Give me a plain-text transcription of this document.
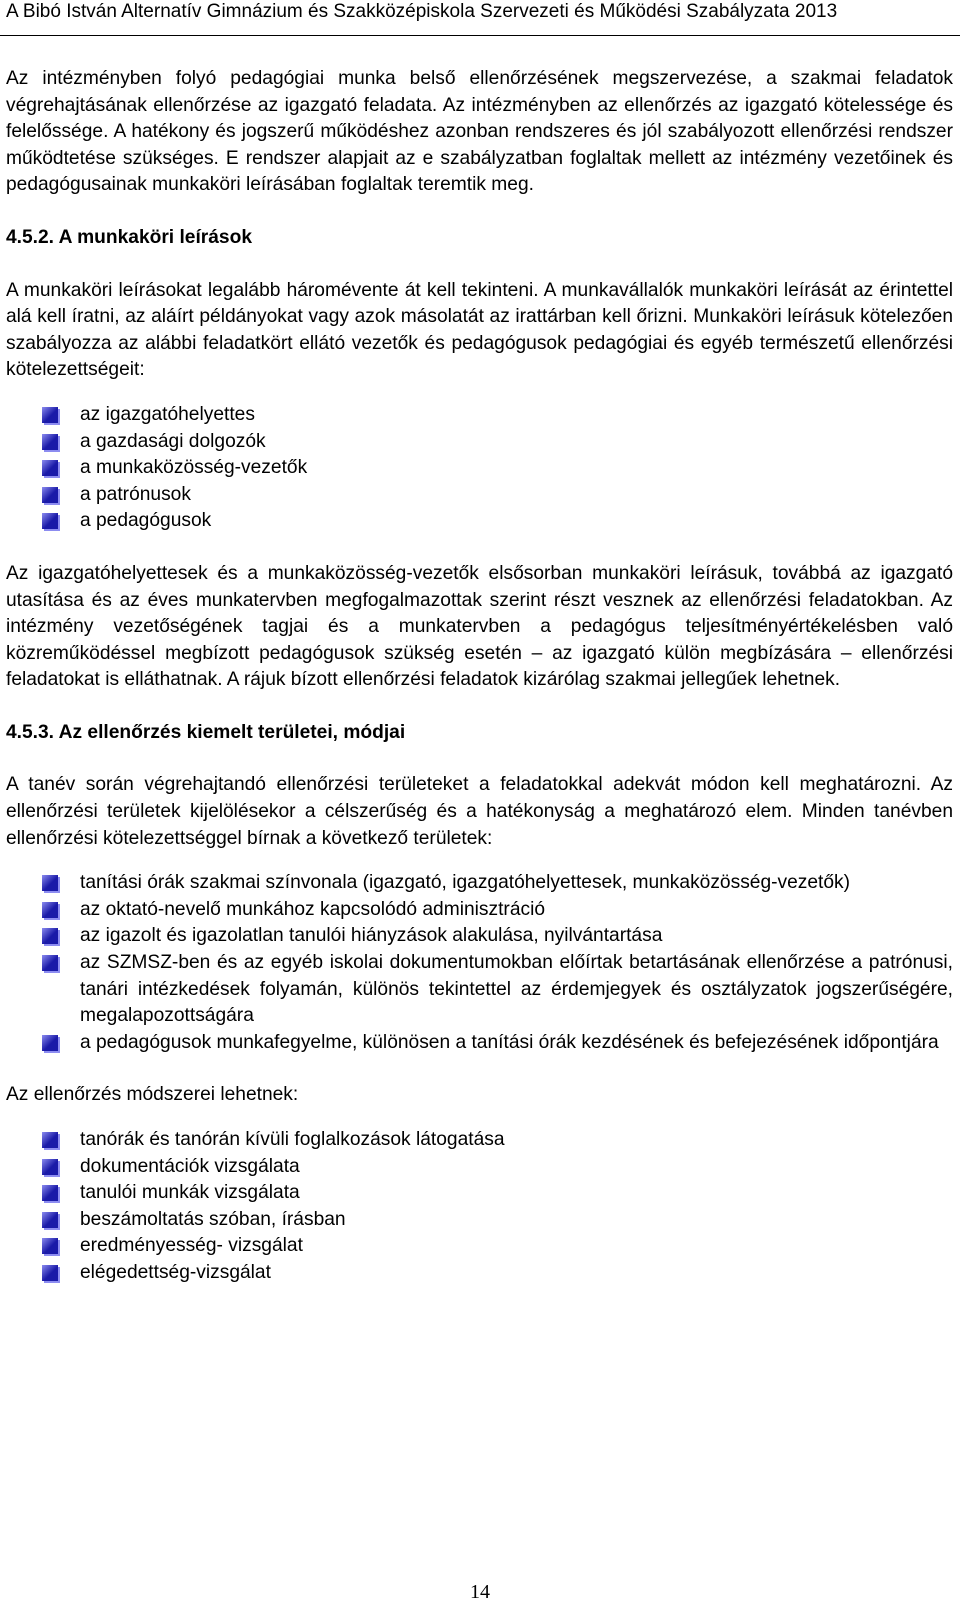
A Bibó István Alternatív Gimnázium és Szakközépiskola Szervezeti és Működési Szabályzata 2013

Az intézményben folyó pedagógiai munka belső ellenőrzésének megszervezése, a szakmai feladatok végrehajtásának ellenőrzése az igazgató feladata. Az intézményben az ellenőrzés az igazgató kötelessége és felelőssége. A hatékony és jogszerű működéshez azonban rendszeres és jól szabályozott ellenőrzési rendszer működtetése szükséges. E rendszer alapjait az e szabályzatban foglaltak mellett az intézmény vezetőinek és pedagógusainak munkaköri leírásában foglaltak teremtik meg.

4.5.2. A munkaköri leírások

A munkaköri leírásokat legalább háromévente át kell tekinteni. A munkavállalók munkaköri leírását az érintettel alá kell íratni, az aláírt példányokat vagy azok másolatát az irattárban kell őrizni. Munkaköri leírásuk kötelezően szabályozza az alábbi feladatkört ellátó vezetők és pedagógusok pedagógiai és egyéb természetű ellenőrzési kötelezettségeit:

az igazgatóhelyettes
a gazdasági dolgozók
a munkaközösség-vezetők
a patrónusok
a pedagógusok

Az igazgatóhelyettesek és a munkaközösség-vezetők elsősorban munkaköri leírásuk, továbbá az igazgató utasítása és az éves munkatervben megfogalmazottak szerint részt vesznek az ellenőrzési feladatokban. Az intézmény vezetőségének tagjai és a munkatervben a pedagógus teljesítményértékelésben való közreműködéssel megbízott pedagógusok szükség esetén – az igazgató külön megbízására – ellenőrzési feladatokat is elláthatnak. A rájuk bízott ellenőrzési feladatok kizárólag szakmai jellegűek lehetnek.

4.5.3. Az ellenőrzés kiemelt területei, módjai

A tanév során végrehajtandó ellenőrzési területeket a feladatokkal adekvát módon kell meghatározni. Az ellenőrzési területek kijelölésekor a célszerűség és a hatékonyság a meghatározó elem. Minden tanévben ellenőrzési kötelezettséggel bírnak a következő területek:

tanítási órák szakmai színvonala (igazgató, igazgatóhelyettesek, munkaközösség-vezetők)
az oktató-nevelő munkához kapcsolódó adminisztráció
az igazolt és igazolatlan tanulói hiányzások alakulása, nyilvántartása
az SZMSZ-ben és az egyéb iskolai dokumentumokban előírtak betartásának ellenőrzése a patrónusi, tanári intézkedések folyamán, különös tekintettel az érdemjegyek és osztályzatok jogszerűségére, megalapozottságára
a pedagógusok munkafegyelme, különösen a tanítási órák kezdésének és befejezésének időpontjára

Az ellenőrzés módszerei lehetnek:

tanórák és tanórán kívüli foglalkozások látogatása
dokumentációk vizsgálata
tanulói munkák vizsgálata
beszámoltatás szóban, írásban
eredményesség- vizsgálat
elégedettség-vizsgálat
14
